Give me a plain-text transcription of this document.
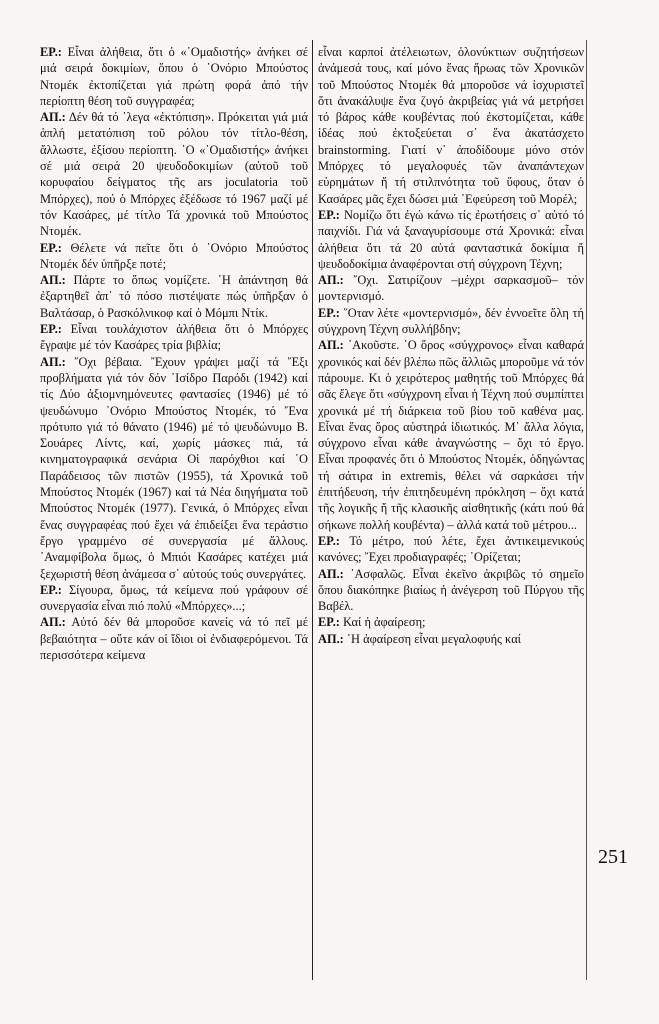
ΕΡ.: Εἶναι ἀλήθεια, ὅτι ὁ «᾿Ομαδιστής» ἀνήκει σέ μιά σειρά δοκιμίων, ὅπου ὁ ᾿Ονόριο Μπούστος Ντομέκ ἐκτοπίζεται γιά πρώτη φορά ἀπό τήν περίοπτη θέση τοῦ συγγραφέα;

ΑΠ.: Δέν θά τό ᾿λεγα «ἐκτόπιση». Πρόκειται γιά μιά ἁπλή μετατόπιση τοῦ ρόλου τόν τίτλο-θέση, ἄλλωστε, ἐξίσου περίοπτη. ᾿Ο «᾿Ομαδιστής» ἀνήκει σέ μιά σειρά 20 ψευδοδοκιμίων (αὐτοῦ τοῦ κορυφαίου δείγματος τῆς ars joculatoria τοῦ Μπόρχες), πού ὁ Μπόρχες ἐξέδωσε τό 1967 μαζί μέ τόν Κασάρες, μέ τίτλο Τά χρονικά τοῦ Μπούστος Ντομέκ.

ΕΡ.: Θέλετε νά πεῖτε ὅτι ὁ ᾿Ονόριο Μπούστος Ντομέκ δέν ὑπῆρξε ποτέ;

ΑΠ.: Πάρτε το ὅπως νομίζετε. ῾Η ἀπάντηση θά ἐξαρτηθεῖ ἀπ᾿ τό πόσο πιστέψατε πώς ὑπῆρξαν ὁ Βαλτάσαρ, ὁ Ρασκόλνικοφ καί ὁ Μόμπι Ντίκ.

ΕΡ.: Εἶναι τουλάχιστον ἀλήθεια ὅτι ὁ Μπόρχες ἔγραψε μέ τόν Κασάρες τρία βιβλία;

ΑΠ.: ῎Οχι βέβαια. ῎Εχουν γράψει μαζί τά ῎Εξι προβλήματα γιά τόν δόν ᾿Ισίδρο Παρόδι (1942) καί τίς Δύο ἀξιομνημόνευτες φαντασίες (1946) μέ τό ψευδώνυμο ᾿Ονόριο Μπούστος Ντομέκ, τό ῎Ενα πρότυπο γιά τό θάνατο (1946) μέ τό ψευδώνυμο Β. Σουάρες Λίντς, καί, χωρίς μάσκες πιά, τά κινηματογραφικά σενάρια Οἱ παρόχθιοι καί ῾Ο Παράδεισος τῶν πιστῶν (1955), τά Χρονικά τοῦ Μπούστος Ντομέκ (1967) καί τά Νέα διηγήματα τοῦ Μπούστος Ντομέκ (1977). Γενικά, ὁ Μπόρχες εἶναι ἕνας συγγραφέας πού ἔχει νά ἐπιδείξει ἕνα τεράστιο ἔργο γραμμένο σέ συνεργασία μέ ἄλλους. ᾿Αναμφίβολα ὅμως, ὁ Μπιόι Κασάρες κατέχει μιά ξεχωριστή θέση ἀνάμεσα σ᾿ αὐτούς τούς συνεργάτες.

ΕΡ.: Σίγουρα, ὅμως, τά κείμενα πού γράφουν σέ συνεργασία εἶναι πιό πολύ «Μπόρχες»...;

ΑΠ.: Αὐτό δέν θά μποροῦσε κανείς νά τό πεῖ μέ βεβαιότητα – οὔτε κάν οἱ ἴδιοι οἱ ἐνδιαφερόμενοι. Τά περισσότερα κείμενα

εἶναι καρποί ἀτέλειωτων, ὁλονύκτιων συζητήσεων ἀνάμεσά τους, καί μόνο ἕνας ἥρωας τῶν Χρονικῶν τοῦ Μπούστος Ντομέκ θά μποροῦσε νά ἰσχυριστεῖ ὅτι ἀνακάλυψε ἕνα ζυγό ἀκριβείας γιά νά μετρήσει τό βάρος κάθε κουβέντας πού ἐκστομίζεται, κάθε ἰδέας πού ἐκτοξεύεται σ᾿ ἕνα ἀκατάσχετο brainstorming. Γιατί ν᾿ ἀποδίδουμε μόνο στόν Μπόρχες τό μεγαλοφυές τῶν ἀναπάντεχων εὑρημάτων ἤ τή στιλπνότητα τοῦ ὕφους, ὅταν ὁ Κασάρες μᾶς ἔχει δώσει μιά ᾿Εφεύρεση τοῦ Μορέλ;

ΕΡ.: Νομίζω ὅτι ἐγώ κάνω τίς ἐρωτήσεις σ᾿ αὐτό τό παιχνίδι. Γιά νά ξαναγυρίσουμε στά Χρονικά: εἶναι ἀλήθεια ὅτι τά 20 αὐτά φανταστικά δοκίμια ἤ ψευδοδοκίμια ἀναφέρονται στή σύγχρονη Τέχνη;

ΑΠ.: ῎Οχι. Σατιρίζουν –μέχρι σαρκασμοῦ– τόν μοντερνισμό.

ΕΡ.: ῞Οταν λέτε «μοντερνισμό», δέν ἐννοεῖτε ὅλη τή σύγχρονη Τέχνη συλλήβδην;

ΑΠ.: ᾿Ακοῦστε. ῾Ο ὅρος «σύγχρονος» εἶναι καθαρά χρονικός καί δέν βλέπω πῶς ἄλλιῶς μποροῦμε νά τόν πάρουμε. Κι ὁ χειρότερος μαθητής τοῦ Μπόρχες θά σᾶς ἔλεγε ὅτι «σύγχρονη εἶναι ἡ Τέχνη πού συμπίπτει χρονικά μέ τή διάρκεια τοῦ βίου τοῦ καθένα μας. Εἶναι ἕνας ὅρος αὐστηρά ἰδιωτικός. Μ᾿ ἄλλα λόγια, σύγχρονο εἶναι κάθε ἀναγνώστης – ὄχι τό ἔργο. Εἶναι προφανές ὅτι ὁ Μπούστος Ντομέκ, ὁδηγώντας τή σάτιρα in extremis, θέλει νά σαρκάσει τήν ἐπιτήδευση, τήν ἐπιτηδευμένη πρόκληση – ὄχι κατά τῆς λογικῆς ἤ τῆς κλασικῆς αἰσθητικῆς (κάτι πού θά σήκωνε πολλή κουβέντα) – ἀλλά κατά τοῦ μέτρου...

ΕΡ.: Τό μέτρο, πού λέτε, ἔχει ἀντικειμενικούς κανόνες; ῎Εχει προδιαγραφές; ᾿Ορίζεται;

ΑΠ.: ᾿Ασφαλῶς. Εἶναι ἐκεῖνο ἀκριβῶς τό σημεῖο ὅπου διακόπηκε βιαίως ἡ ἀνέγερση τοῦ Πύργου τῆς Βαβέλ.

ΕΡ.: Καί ἡ ἀφαίρεση;

ΑΠ.: ῾Η ἀφαίρεση εἶναι μεγαλοφυής καί

251
